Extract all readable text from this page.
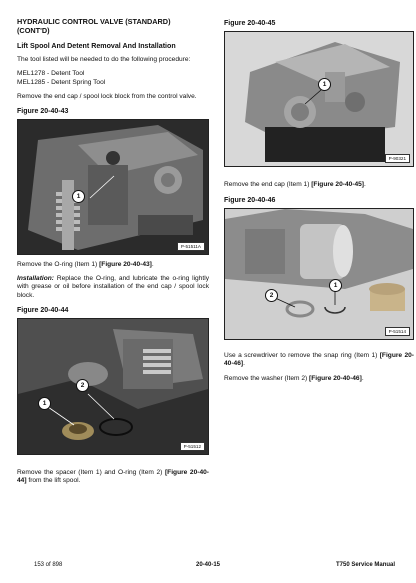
HYDRAULIC CONTROL VALVE (STANDARD)
(CONT'D)
Lift Spool And Detent Removal And Installation

The tool listed will be needed to do the following procedure:

MEL1278 - Detent Tool
MEL1285 - Detent Spring Tool

Remove the end cap / spool lock block from the control valve.

Figure 20-40-43
1
P-51511A

Remove the O-ring (Item 1) [Figure 20-40-43].

Installation: Replace the O-ring, and lubricate the o-ring lightly with grease or oil before installation of the end cap / spool lock block.

Figure 20-40-44
1
2
P-51512

Remove the spacer (Item 1) and O-ring (Item 2) [Figure 20-40-44] from the lift spool.

Figure 20-40-45
1
P-90321

Remove the end cap (Item 1) [Figure 20-40-45].

Figure 20-40-46
2
1
P-51514

Use a screwdriver to remove the snap ring (Item 1) [Figure 20-40-46].

Remove the washer (Item 2) [Figure 20-40-46].

153 of 898	20-40-15	T750 Service Manual
